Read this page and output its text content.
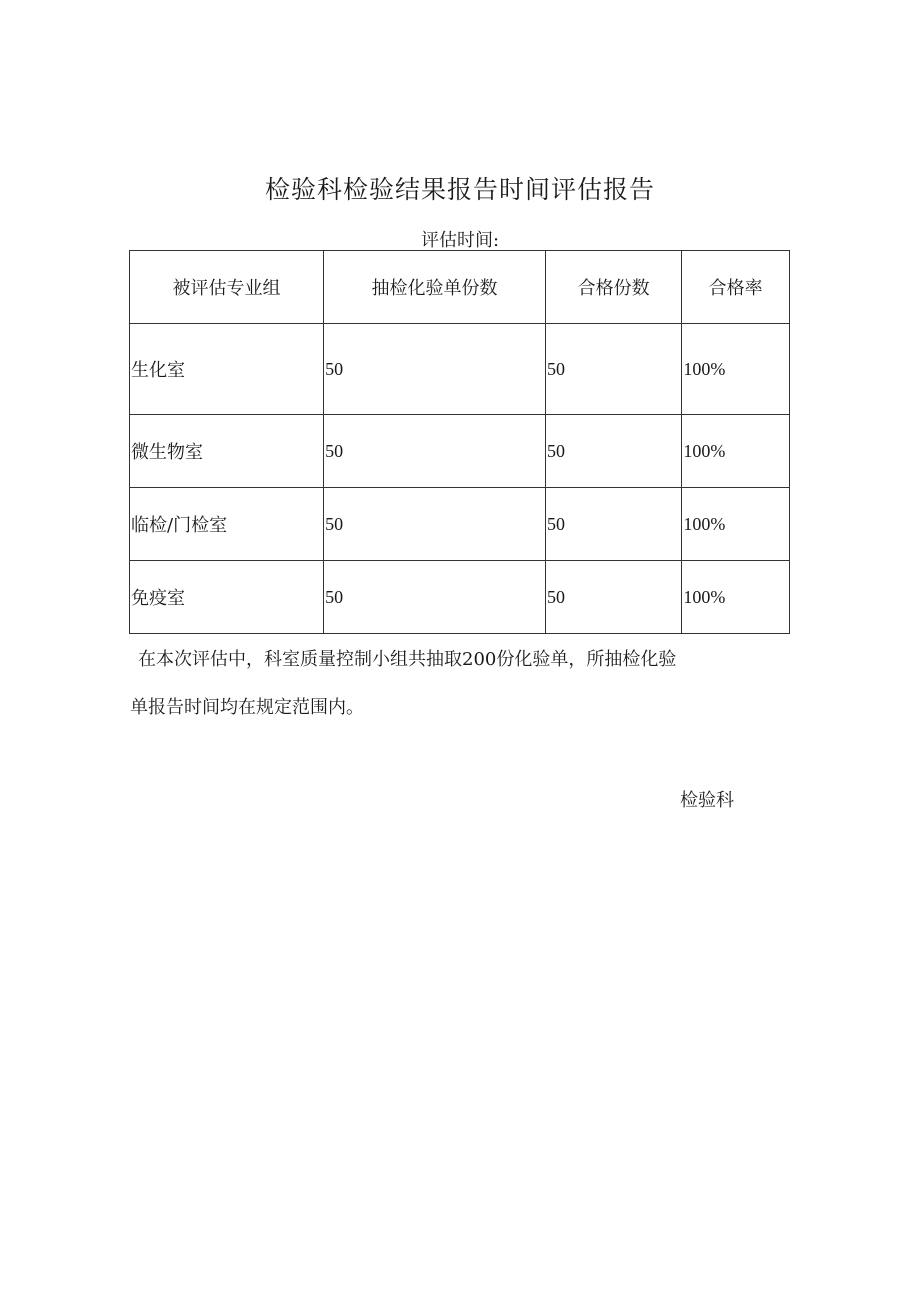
检验科检验结果报告时间评估报告
评估时间:
被评估专业组	抽检化验单份数	合格份数	合格率
生化室	50	50	100%
微生物室	50	50	100%
临检/门检室	50	50	100%
免疫室	50	50	100%
在本次评估中，科室质量控制小组共抽取200份化验单，所抽检化验
单报告时间均在规定范围内。
检验科
